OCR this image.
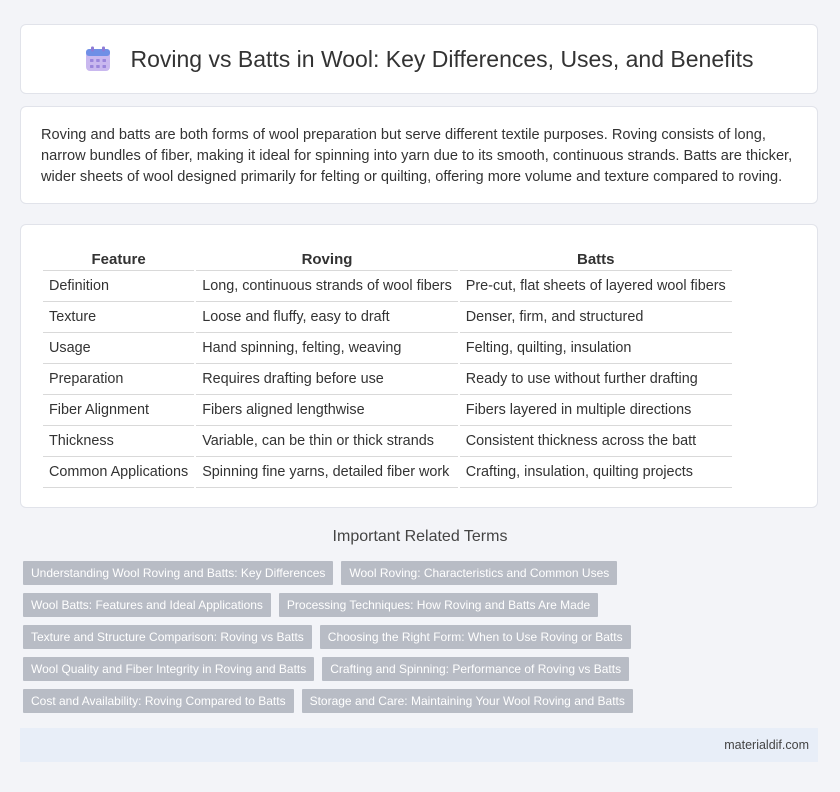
Roving vs Batts in Wool: Key Differences, Uses, and Benefits

Roving and batts are both forms of wool preparation but serve different textile purposes. Roving consists of long, narrow bundles of fiber, making it ideal for spinning into yarn due to its smooth, continuous strands. Batts are thicker, wider sheets of wool designed primarily for felting or quilting, offering more volume and texture compared to roving.

Feature	Roving	Batts
Definition	Long, continuous strands of wool fibers	Pre-cut, flat sheets of layered wool fibers
Texture	Loose and fluffy, easy to draft	Denser, firm, and structured
Usage	Hand spinning, felting, weaving	Felting, quilting, insulation
Preparation	Requires drafting before use	Ready to use without further drafting
Fiber Alignment	Fibers aligned lengthwise	Fibers layered in multiple directions
Thickness	Variable, can be thin or thick strands	Consistent thickness across the batt
Common Applications	Spinning fine yarns, detailed fiber work	Crafting, insulation, quilting projects
Important Related Terms
Understanding Wool Roving and Batts: Key Differences	Wool Roving: Characteristics and Common Uses
Wool Batts: Features and Ideal Applications	Processing Techniques: How Roving and Batts Are Made
Texture and Structure Comparison: Roving vs Batts	Choosing the Right Form: When to Use Roving or Batts
Wool Quality and Fiber Integrity in Roving and Batts	Crafting and Spinning: Performance of Roving vs Batts
Cost and Availability: Roving Compared to Batts	Storage and Care: Maintaining Your Wool Roving and Batts
materialdif.com
